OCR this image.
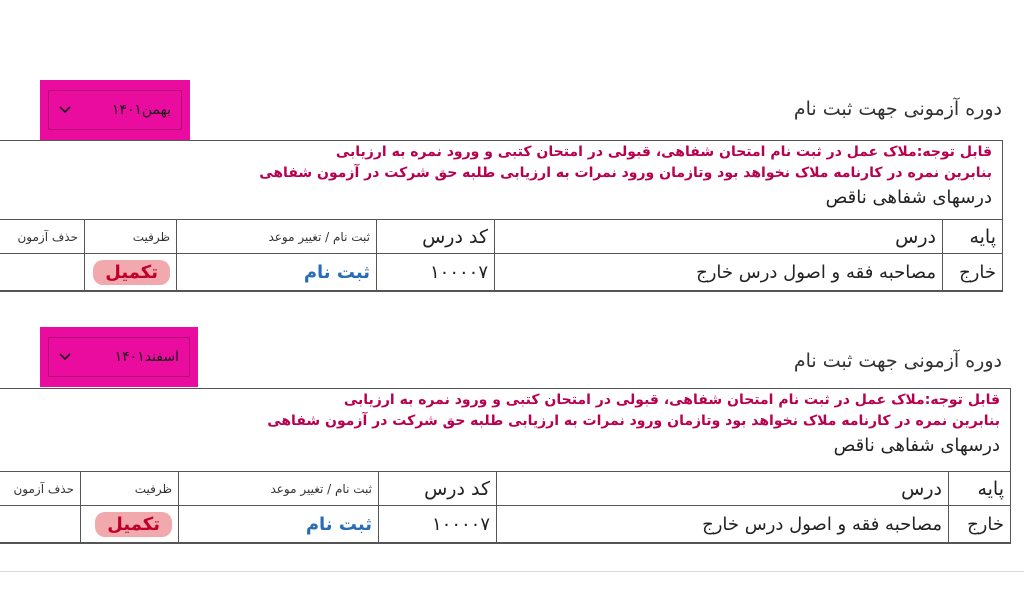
دوره آزمونی جهت ثبت نام
بهمن۱۴۰۱
قابل توجه:ملاک عمل در ثبت نام امتحان شفاهی، قبولی در امتحان کتبی و ورود نمره به ارزیابی
بنابرین نمره در کارنامه ملاک نخواهد بود وتازمان ورود نمرات به ارزیابی طلبه حق شرکت در آزمون شفاهی
درسهای شفاهی ناقص
پایه	درس	کد درس	ثبت نام / تغییر موعد	ظرفیت	حذف آزمون
خارج	مصاحبه فقه و اصول درس خارج	۱۰۰۰۰۷	ثبت نام	تکمیل	
دوره آزمونی جهت ثبت نام
اسفند۱۴۰۱
قابل توجه:ملاک عمل در ثبت نام امتحان شفاهی، قبولی در امتحان کتبی و ورود نمره به ارزیابی
بنابرین نمره در کارنامه ملاک نخواهد بود وتازمان ورود نمرات به ارزیابی طلبه حق شرکت در آزمون شفاهی
درسهای شفاهی ناقص
پایه	درس	کد درس	ثبت نام / تغییر موعد	ظرفیت	حذف آزمون
خارج	مصاحبه فقه و اصول درس خارج	۱۰۰۰۰۷	ثبت نام	تکمیل	
